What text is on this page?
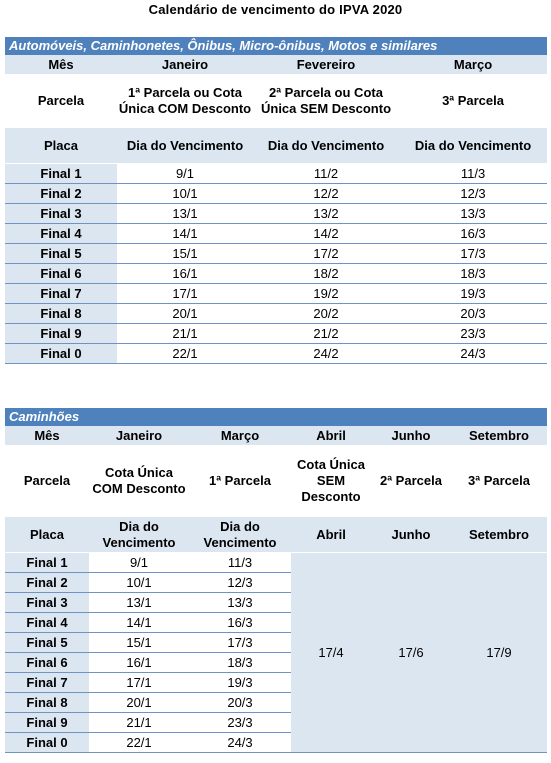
Calendário de vencimento do IPVA 2020
Automóveis, Caminhonetes, Ônibus, Micro-ônibus, Motos e similares			
Mês	Janeiro	Fevereiro	Março
Parcela	1ª Parcela ou Cota Única COM Desconto	2ª Parcela ou Cota Única SEM Desconto	3ª Parcela
Placa	Dia do Vencimento	Dia do Vencimento	Dia do Vencimento
Final 1	9/1	11/2	11/3
Final 2	10/1	12/2	12/3
Final 3	13/1	13/2	13/3
Final 4	14/1	14/2	16/3
Final 5	15/1	17/2	17/3
Final 6	16/1	18/2	18/3
Final 7	17/1	19/2	19/3
Final 8	20/1	20/2	20/3
Final 9	21/1	21/2	23/3
Final 0	22/1	24/2	24/3
Caminhões					
Mês	Janeiro	Março	Abril	Junho	Setembro
Parcela	Cota Única COM Desconto	1ª Parcela	Cota Única SEM Desconto	2ª Parcela	3ª Parcela
Placa	Dia do Vencimento	Dia do Vencimento	Abril	Junho	Setembro
Final 1	9/1	11/3	17/4	17/6	17/9
Final 2	10/1	12/3			
Final 3	13/1	13/3			
Final 4	14/1	16/3			
Final 5	15/1	17/3			
Final 6	16/1	18/3			
Final 7	17/1	19/3			
Final 8	20/1	20/3			
Final 9	21/1	23/3			
Final 0	22/1	24/3			
